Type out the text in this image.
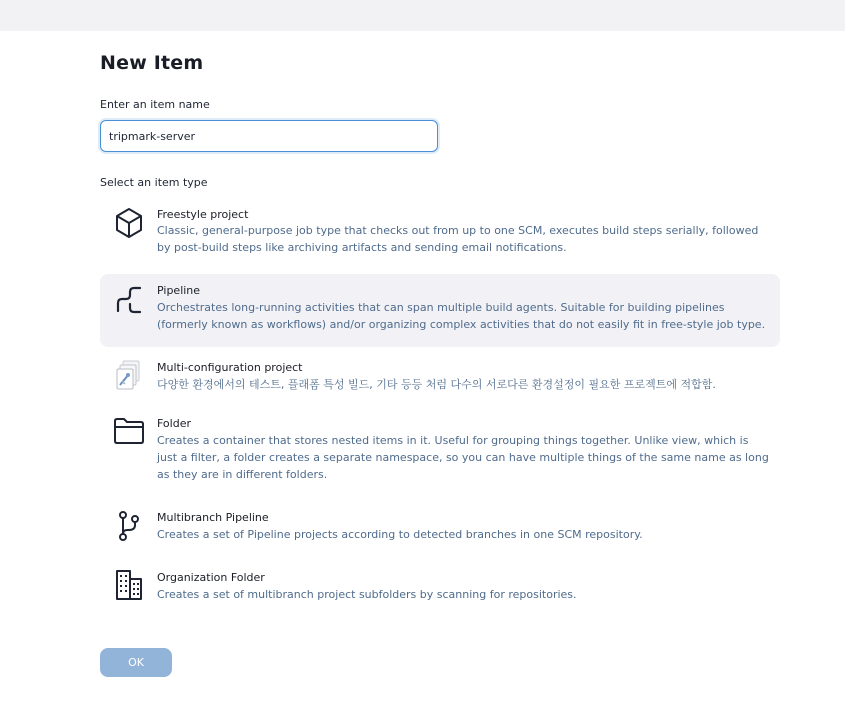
New Item
Enter an item name
tripmark-server
Select an item type
Freestyle project
Classic, general-purpose job type that checks out from up to one SCM, executes build steps serially, followed by post-build steps like archiving artifacts and sending email notifications.
Pipeline
Orchestrates long-running activities that can span multiple build agents. Suitable for building pipelines (formerly known as workflows) and/or organizing complex activities that do not easily fit in free-style job type.
Multi-configuration project
다양한 환경에서의 테스트, 플래폼 특성 빌드, 기타 등등 처럼 다수의 서로다른 환경설정이 필요한 프로젝트에 적합함.
Folder
Creates a container that stores nested items in it. Useful for grouping things together. Unlike view, which is just a filter, a folder creates a separate namespace, so you can have multiple things of the same name as long as they are in different folders.
Multibranch Pipeline
Creates a set of Pipeline projects according to detected branches in one SCM repository.
Organization Folder
Creates a set of multibranch project subfolders by scanning for repositories.
OK
